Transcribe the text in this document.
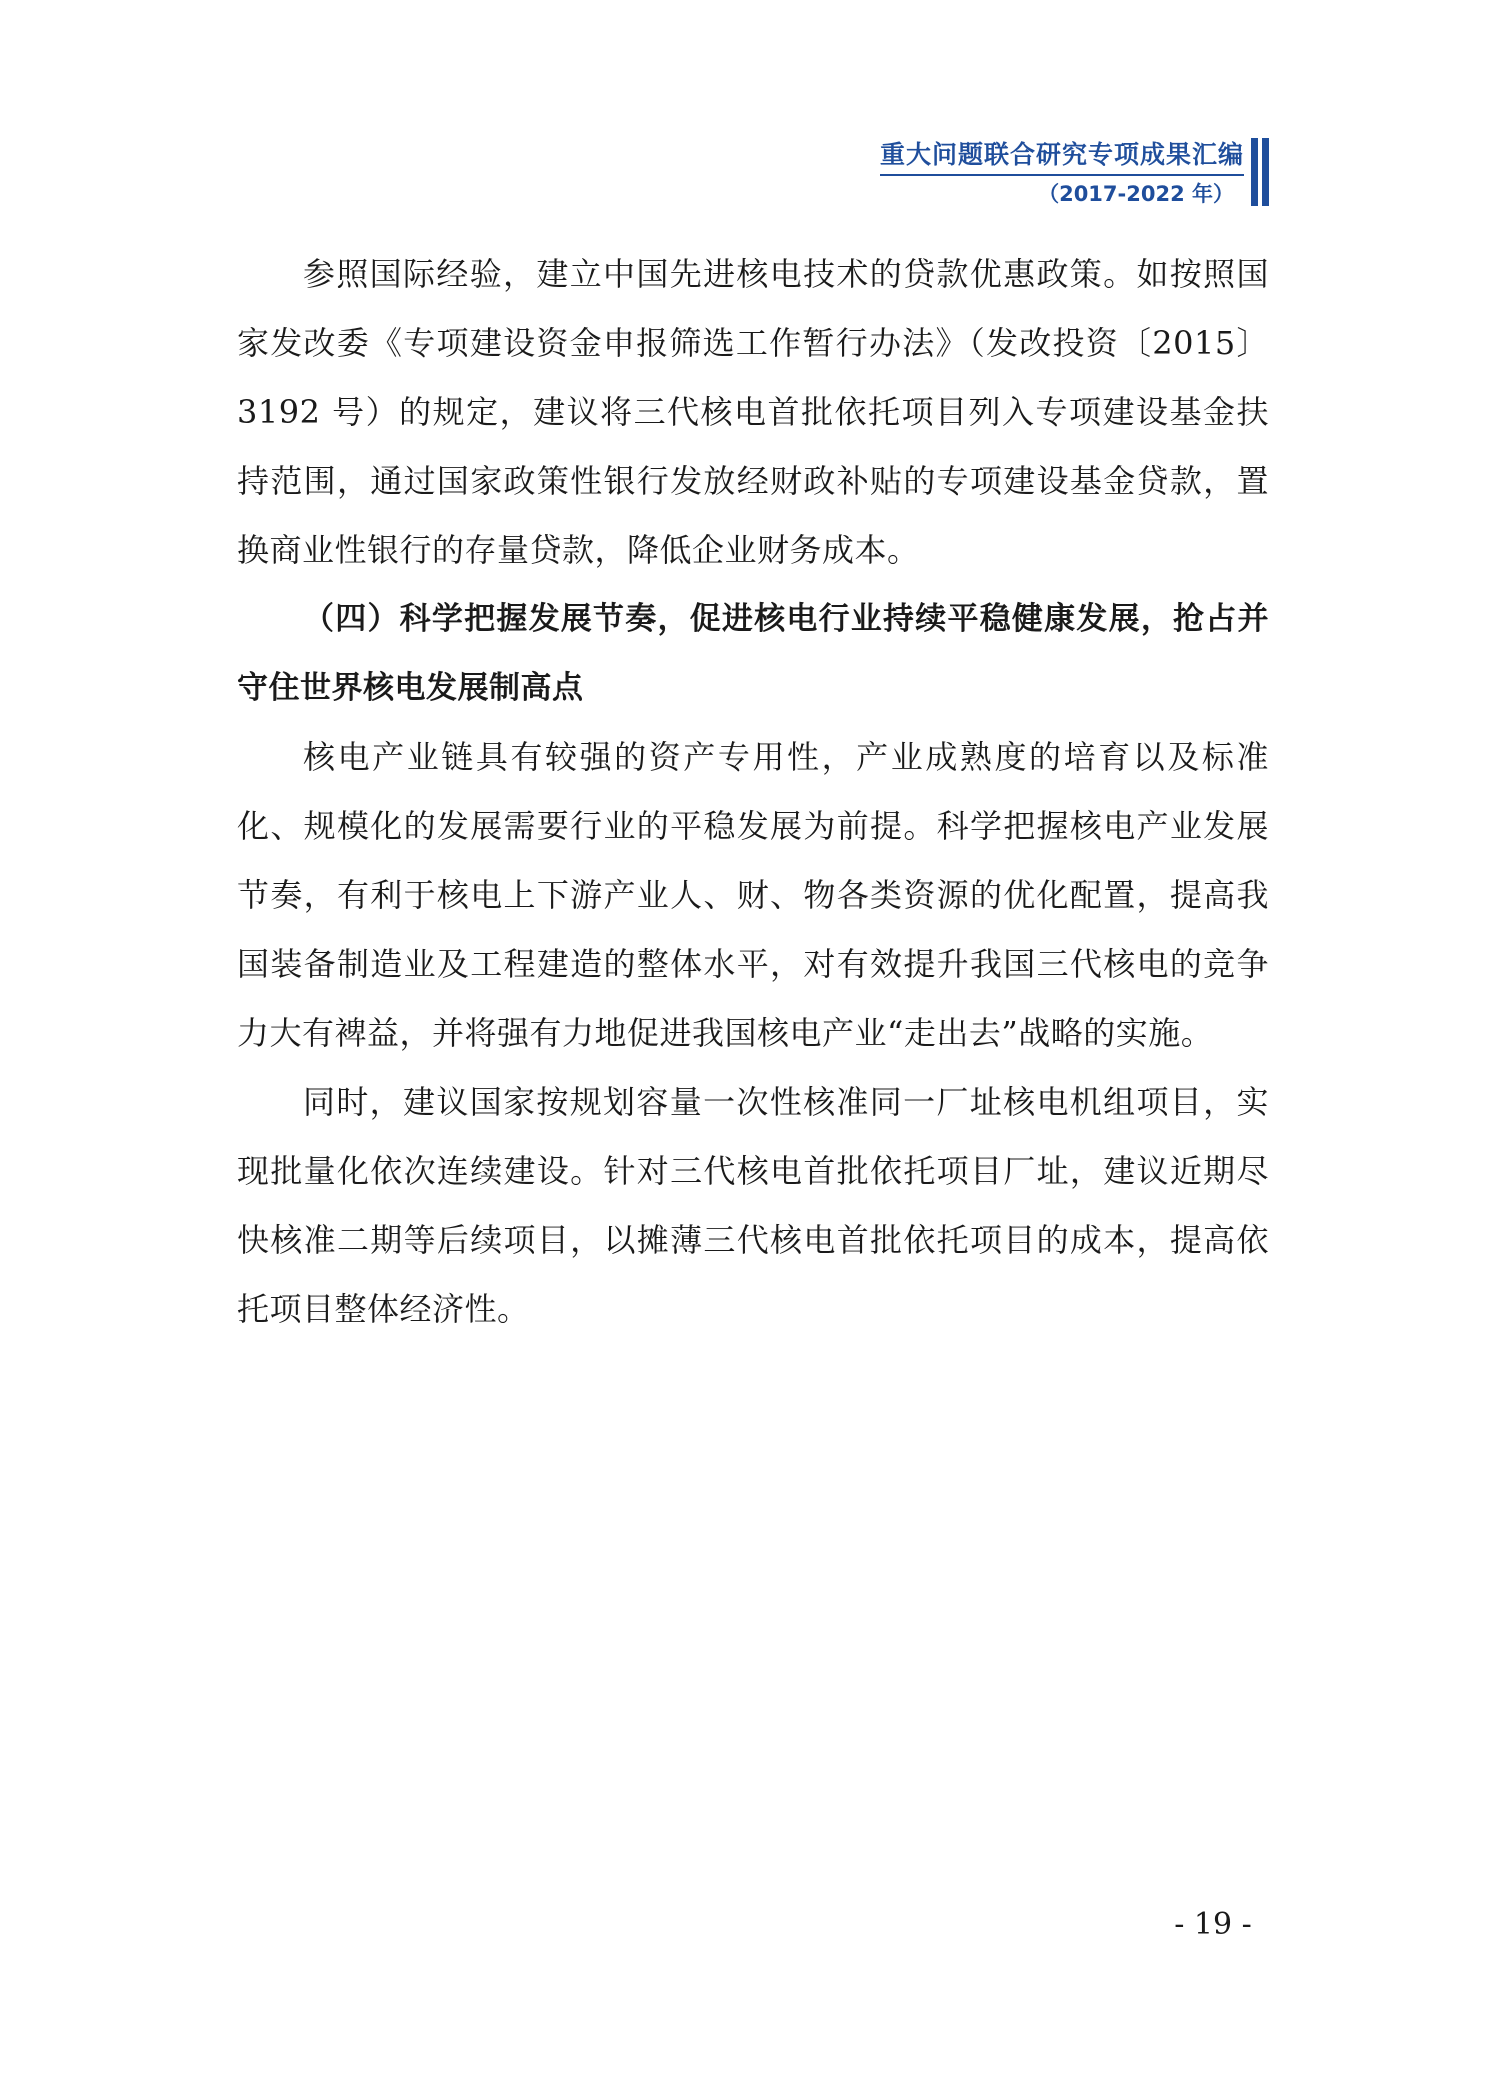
重大问题联合研究专项成果汇编
（2017-2022 年）

参照国际经验，建立中国先进核电技术的贷款优惠政策。如按照国家发改委《专项建设资金申报筛选工作暂行办法》（发改投资〔2015〕3192 号）的规定，建议将三代核电首批依托项目列入专项建设基金扶持范围，通过国家政策性银行发放经财政补贴的专项建设基金贷款，置换商业性银行的存量贷款，降低企业财务成本。

（四）科学把握发展节奏，促进核电行业持续平稳健康发展，抢占并守住世界核电发展制高点

核电产业链具有较强的资产专用性，产业成熟度的培育以及标准化、规模化的发展需要行业的平稳发展为前提。科学把握核电产业发展节奏，有利于核电上下游产业人、财、物各类资源的优化配置，提高我国装备制造业及工程建造的整体水平，对有效提升我国三代核电的竞争力大有裨益，并将强有力地促进我国核电产业“走出去”战略的实施。

同时，建议国家按规划容量一次性核准同一厂址核电机组项目，实现批量化依次连续建设。针对三代核电首批依托项目厂址，建议近期尽快核准二期等后续项目，以摊薄三代核电首批依托项目的成本，提高依托项目整体经济性。

- 19 -
